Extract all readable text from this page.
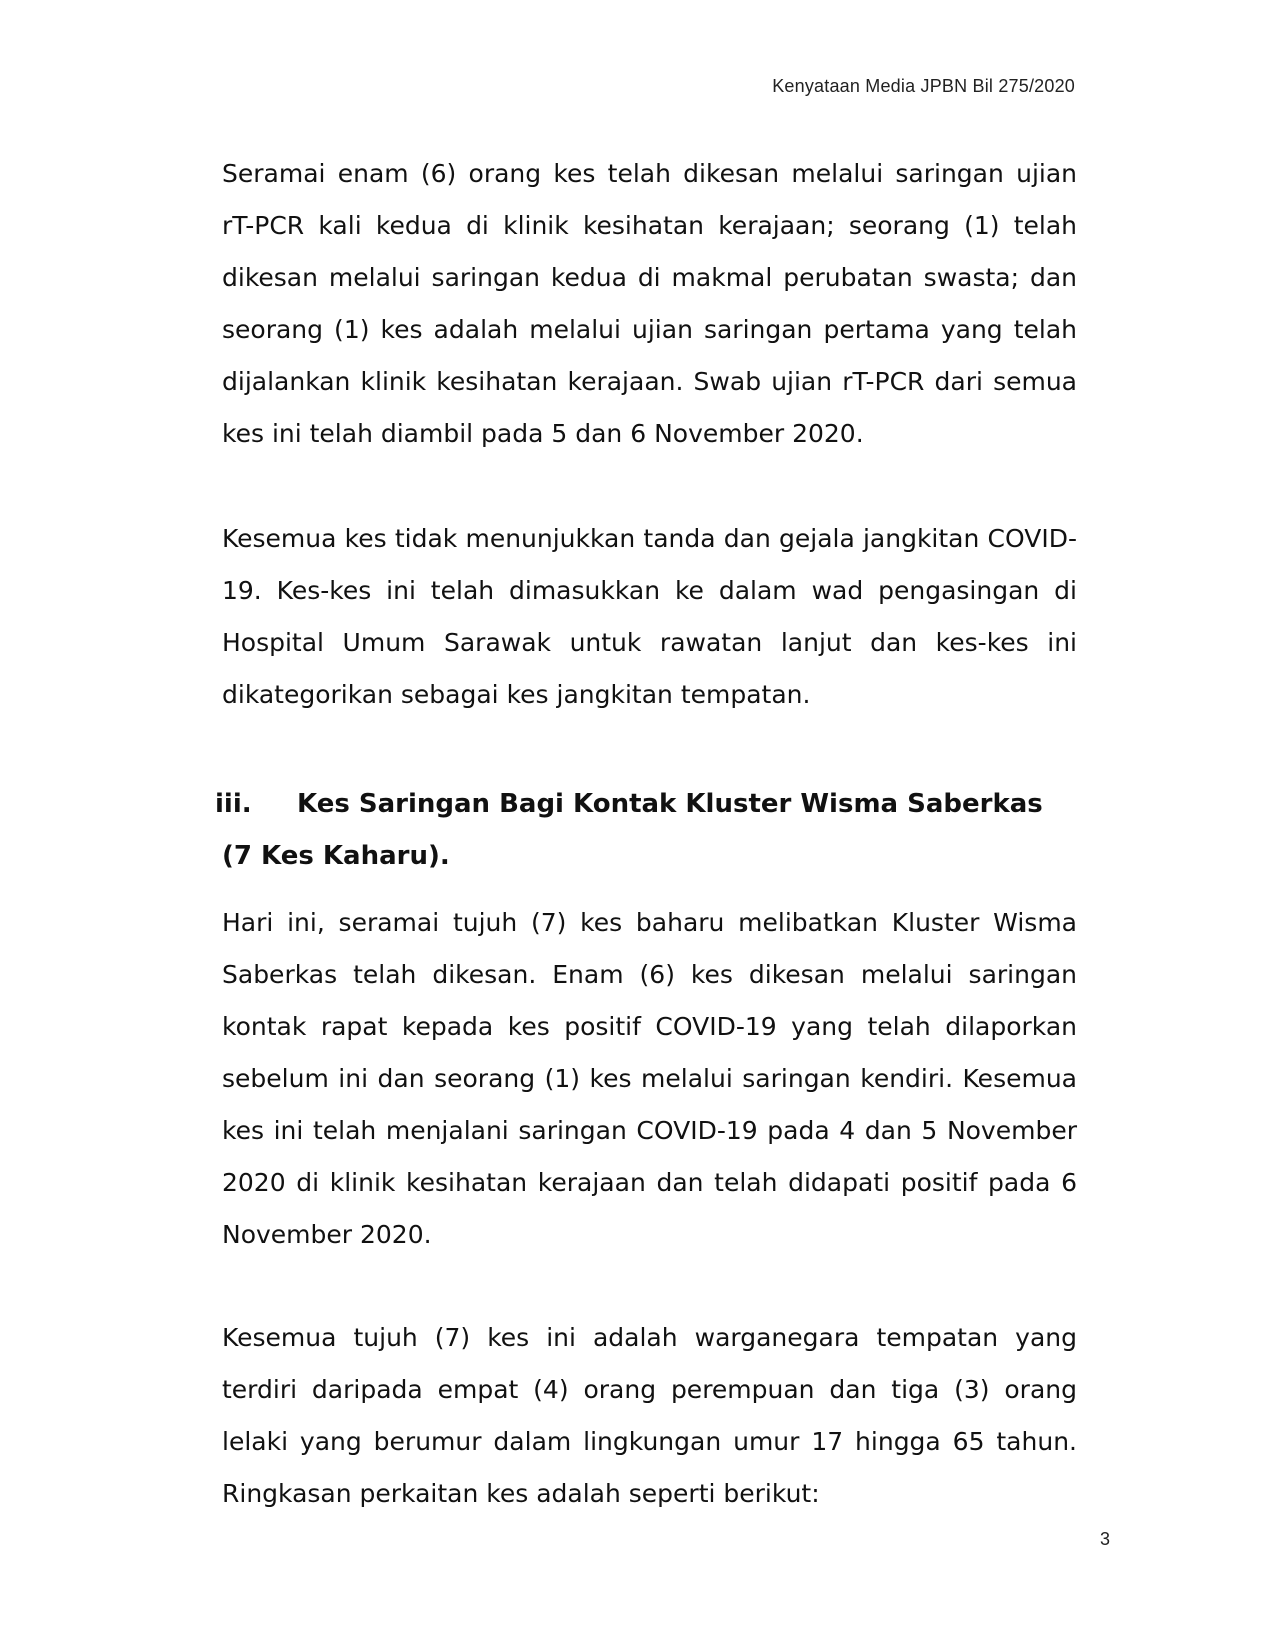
Kenyataan Media JPBN Bil 275/2020

Seramai enam (6) orang kes telah dikesan melalui saringan ujian rT-PCR kali kedua di klinik kesihatan kerajaan; seorang (1) telah dikesan melalui saringan kedua di makmal perubatan swasta; dan seorang (1) kes adalah melalui ujian saringan pertama yang telah dijalankan klinik kesihatan kerajaan. Swab ujian rT-PCR dari semua kes ini telah diambil pada 5 dan 6 November 2020.

Kesemua kes tidak menunjukkan tanda dan gejala jangkitan COVID-19. Kes-kes ini telah dimasukkan ke dalam wad pengasingan di Hospital Umum Sarawak untuk rawatan lanjut dan kes-kes ini dikategorikan sebagai kes jangkitan tempatan.

iii.	Kes Saringan Bagi Kontak Kluster Wisma Saberkas (7 Kes Kaharu).

Hari ini, seramai tujuh (7) kes baharu melibatkan Kluster Wisma Saberkas telah dikesan. Enam (6) kes dikesan melalui saringan kontak rapat kepada kes positif COVID-19 yang telah dilaporkan sebelum ini dan seorang (1) kes melalui saringan kendiri. Kesemua kes ini telah menjalani saringan COVID-19 pada 4 dan 5 November 2020 di klinik kesihatan kerajaan dan telah didapati positif pada 6 November 2020.

Kesemua tujuh (7) kes ini adalah warganegara tempatan yang terdiri daripada empat (4) orang perempuan dan tiga (3) orang lelaki yang berumur dalam lingkungan umur 17 hingga 65 tahun. Ringkasan perkaitan kes adalah seperti berikut:

3
